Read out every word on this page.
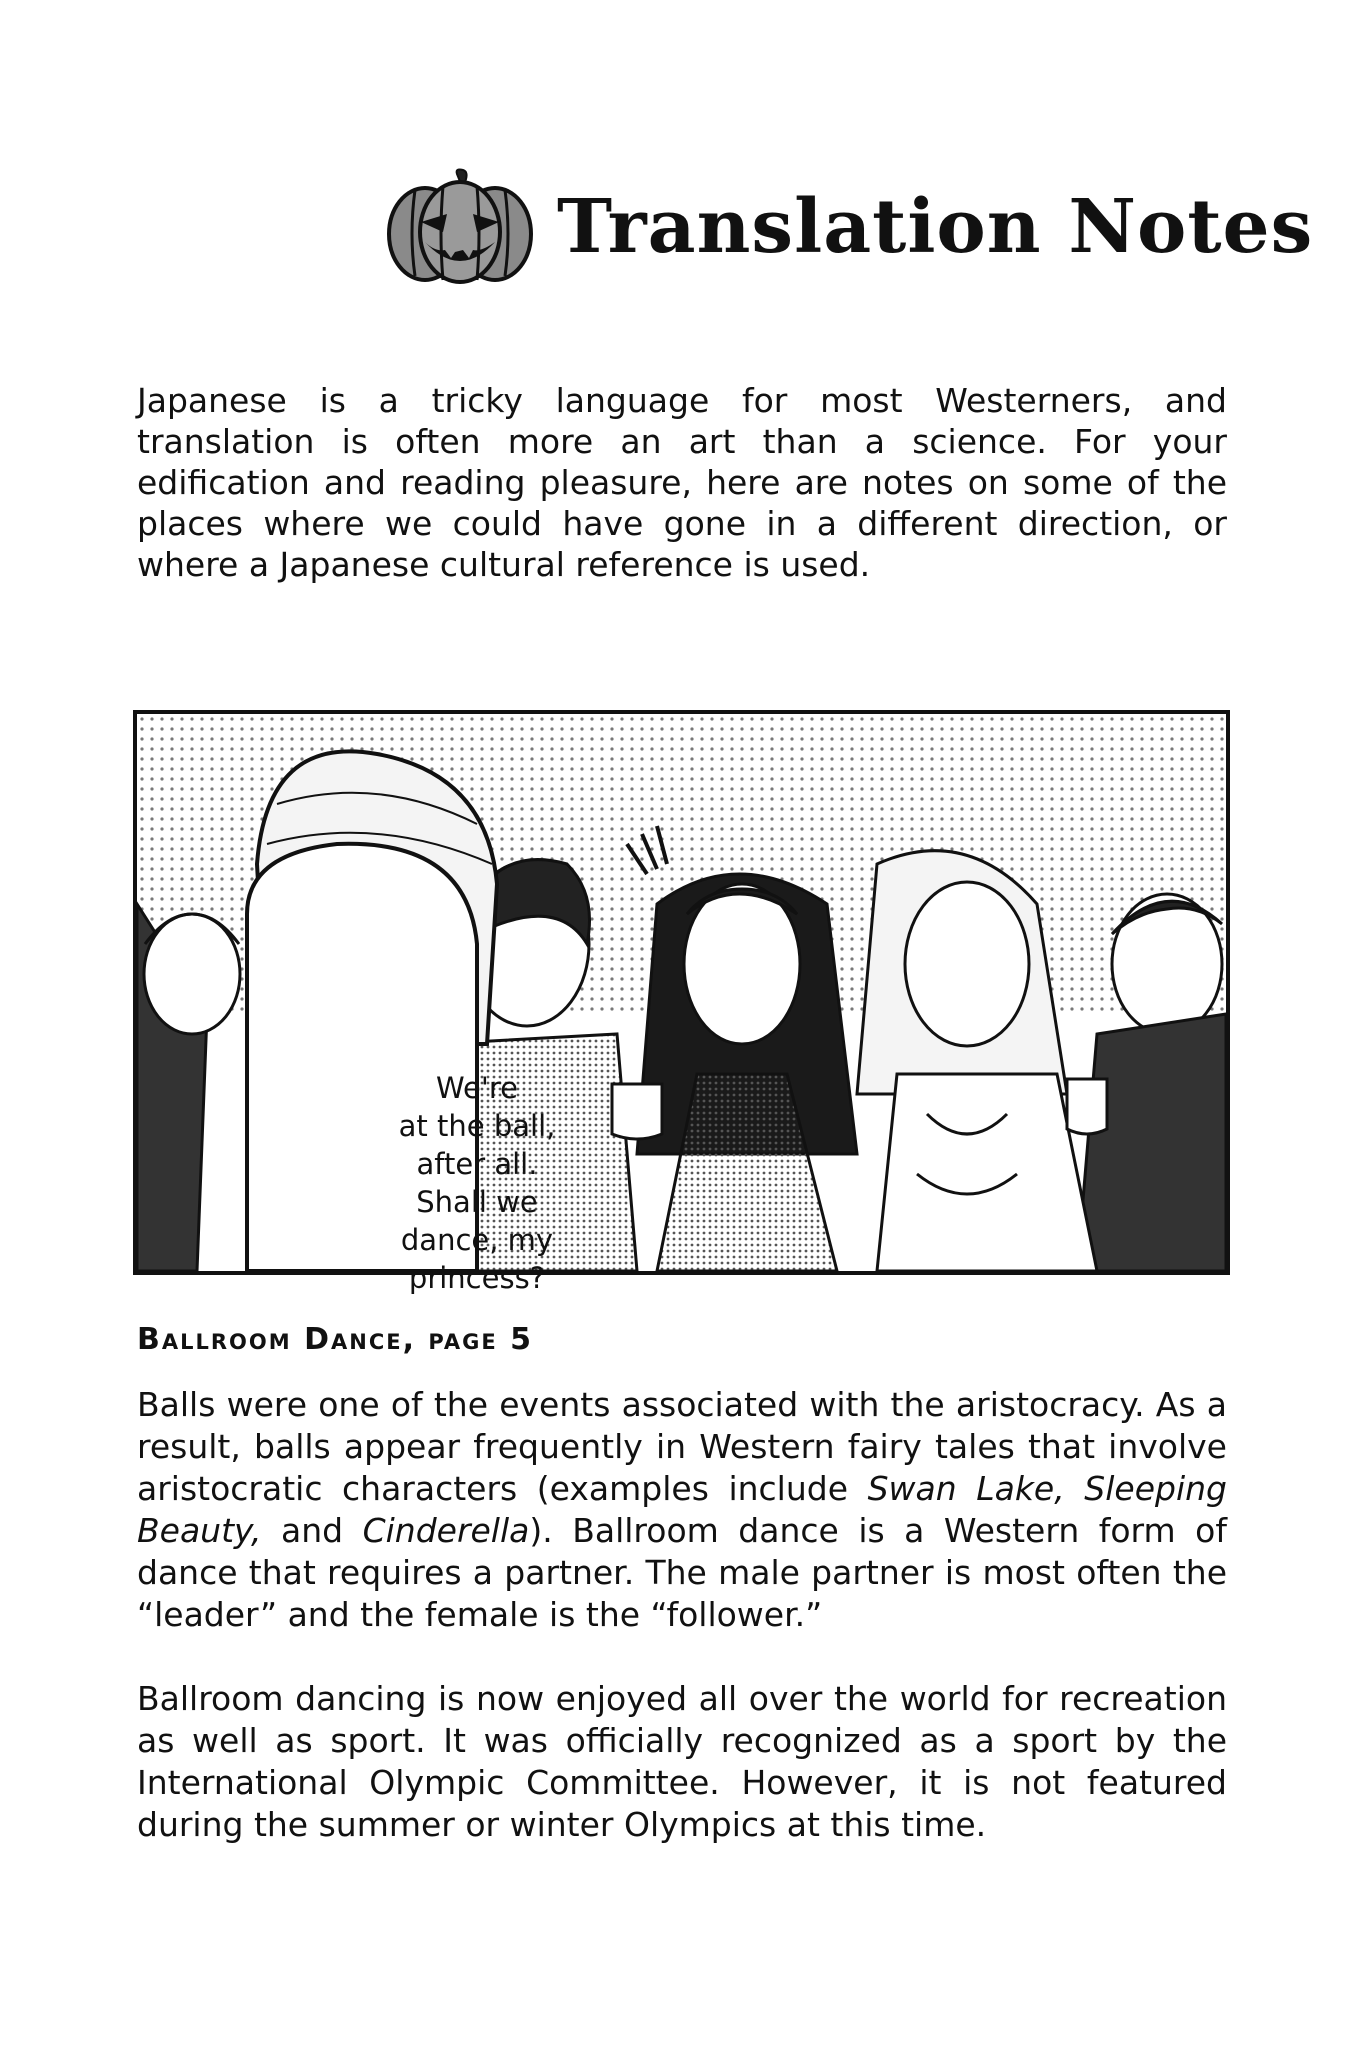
Translation Notes

Japanese is a tricky language for most Westerners, and translation is often more an art than a science. For your edification and reading pleasure, here are notes on some of the places where we could have gone in a different direction, or where a Japanese cultural reference is used.

We're
at the ball,
after all.
Shall we
dance, my
princess?
Ballroom Dance, page 5

Balls were one of the events associated with the aristocracy. As a result, balls appear frequently in Western fairy tales that involve aristocratic characters (examples include Swan Lake, Sleeping Beauty, and Cinderella). Ballroom dance is a Western form of dance that requires a partner. The male partner is most often the “leader” and the female is the “follower.”

Ballroom dancing is now enjoyed all over the world for recreation as well as sport. It was officially recognized as a sport by the International Olympic Committee. However, it is not featured during the summer or winter Olympics at this time.
